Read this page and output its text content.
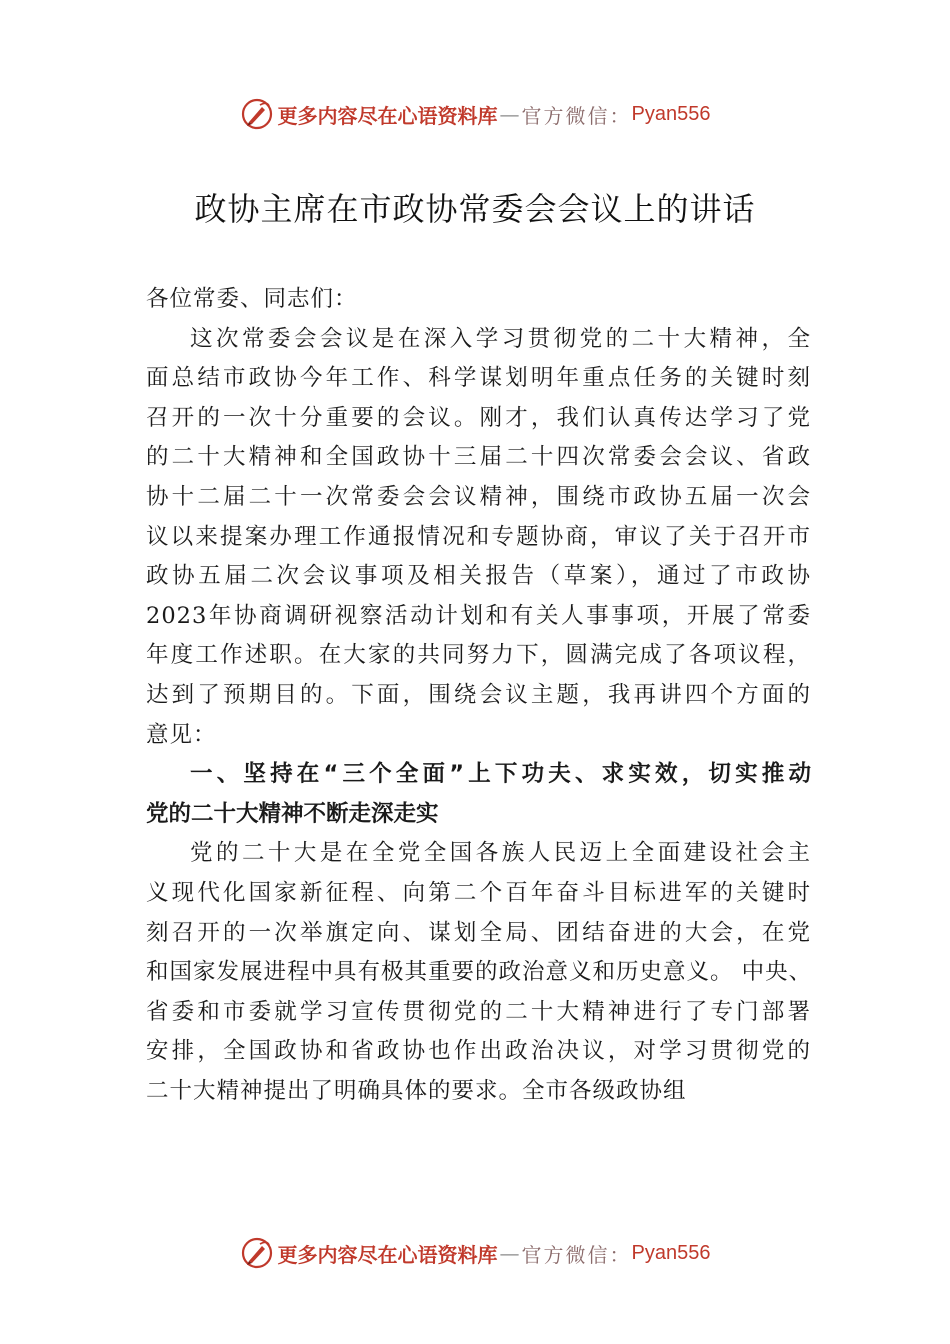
更多内容尽在心语资料库 — 官方微信： Pyan556
政协主席在市政协常委会会议上的讲话
各位常委、同志们：
这次常委会会议是在深入学习贯彻党的二十大精神，全
面总结市政协今年工作、科学谋划明年重点任务的关键时刻
召开的一次十分重要的会议。刚才，我们认真传达学习了党
的二十大精神和全国政协十三届二十四次常委会会议、省政
协十二届二十一次常委会会议精神，围绕市政协五届一次会
议以来提案办理工作通报情况和专题协商，审议了关于召开市
政协五届二次会议事项及相关报告（草案），通过了市政协
2023年协商调研视察活动计划和有关人事事项，开展了常委
年度工作述职。在大家的共同努力下，圆满完成了各项议程，
达到了预期目的。下面，围绕会议主题，我再讲四个方面的
意见：
一、坚持在“三个全面”上下功夫、求实效，切实推动
党的二十大精神不断走深走实
党的二十大是在全党全国各族人民迈上全面建设社会主
义现代化国家新征程、向第二个百年奋斗目标进军的关键时
刻召开的一次举旗定向、谋划全局、团结奋进的大会，在党
和国家发展进程中具有极其重要的政治意义和历史意义。 中央、
省委和市委就学习宣传贯彻党的二十大精神进行了专门部署
安排，全国政协和省政协也作出政治决议，对学习贯彻党的
二十大精神提出了明确具体的要求。全市各级政协组
更多内容尽在心语资料库 — 官方微信： Pyan556
